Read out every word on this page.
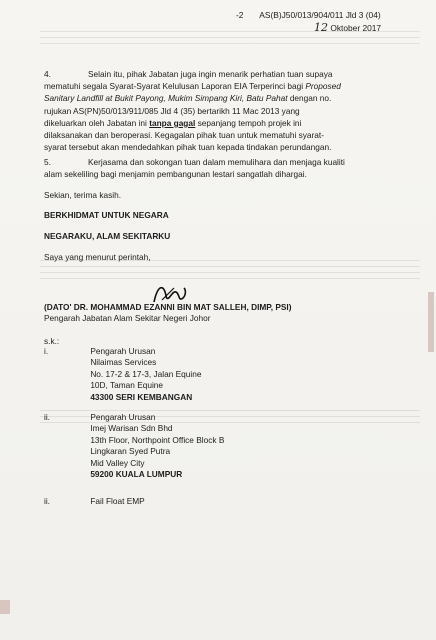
-2 AS(B)J50/013/904/011 Jld 3 (04)
12 Oktober 2017
4.	Selain itu, pihak Jabatan juga ingin menarik perhatian tuan supaya
mematuhi segala Syarat-Syarat Kelulusan Laporan EIA Terperinci bagi Proposed
Sanitary Landfill at Bukit Payong, Mukim Simpang Kiri, Batu Pahat dengan no.
rujukan AS(PN)50/013/911/085 Jld 4 (35) bertarikh 11 Mac 2013 yang
dikeluarkan oleh Jabatan ini tanpa gagal sepanjang tempoh projek ini
dilaksanakan dan beroperasi. Kegagalan pihak tuan untuk mematuhi syarat-
syarat tersebut akan mendedahkan pihak tuan kepada tindakan perundangan.
5.	Kerjasama dan sokongan tuan dalam memulihara dan menjaga kualiti
alam sekeliling bagi menjamin pembangunan lestari sangatlah dihargai.
Sekian, terima kasih.
BERKHIDMAT UNTUK NEGARA
NEGARAKU, ALAM SEKITARKU
Saya yang menurut perintah,
(DATO' DR. MOHAMMAD EZANNI BIN MAT SALLEH, DIMP, PSI)
Pengarah Jabatan Alam Sekitar Negeri Johor
s.k.:
i.	Pengarah Urusan
Nilaimas Services
No. 17-2 & 17-3, Jalan Equine
10D, Taman Equine
43300 SERI KEMBANGAN
ii.	Pengarah Urusan
Imej Warisan Sdn Bhd
13th Floor, Northpoint Office Block B
Lingkaran Syed Putra
Mid Valley City
59200 KUALA LUMPUR
ii.	Fail Float EMP
